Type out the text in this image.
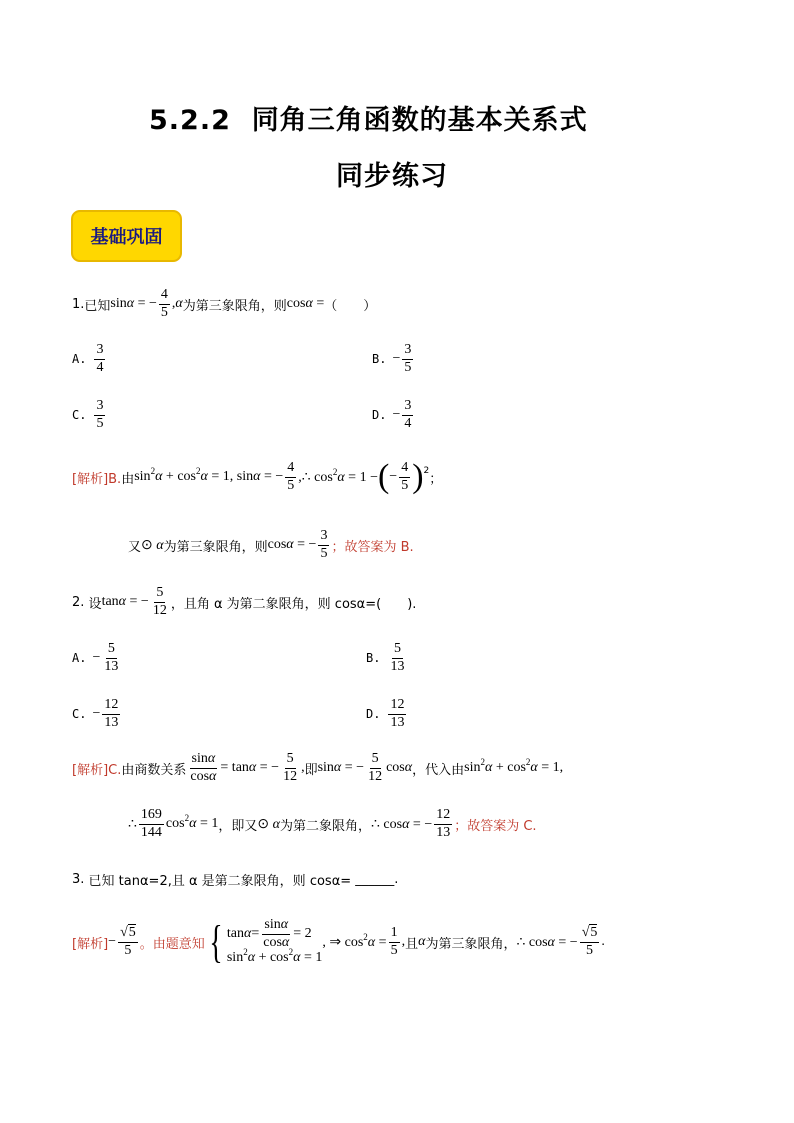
5.2.2 同角三角函数的基本关系式
同步练习
基础巩固
1. 已知 sinα = − $\frac{4}{5} ,\alpha$ 为第三象限角，则 cosα = （　　）
A. $\frac{3}{4}$	B. − $\frac{3}{5}$
C. $\frac{3}{5}$	D. − $\frac{3}{4}$
[解析]B. 由 $\sin^2\alpha + \cos^2\alpha = 1$, sinα = − $\frac{4}{5}$ ,∴ $\cos^2\alpha = 1$ − ( − $\frac{4}{5}$ ) 2
；
又 ⊙ α 为第三象限角，则 cosα = − $\frac{3}{5}$ ；故答案为 B.
2.
设 tanα = − $\frac{5}{12}$ ，且角 α 为第二象限角，则 cosα=(　　).
A. − $\frac{5}{13}$	B. $\frac{5}{13}$
C. − $\frac{12}{13}$	D. $\frac{12}{13}$
[解析]C. 由商数关系 $\frac{\sin\alpha}{\cos\alpha} = \tan\alpha$ = − $\frac{5}{12}$ , 即 sinα = − $\frac{5}{12}$ cosα ，代入由 $\sin^2\alpha + \cos^2\alpha = 1$,
∴ $\frac{169}{144} \cos^2\alpha = 1$ ，即又 ⊙ α 为第二象限角， ∴ cosα = − $\frac{12}{13}$ ；故答案为 C.
3.
已知 tanα=2,且 α 是第二象限角，则 cosα=
______ .
[解析] − $\frac{√5}{5}$ 。由题意知 { $\tan \alpha = \frac{\sin\alpha}{\cos\alpha} = 2$
$\sin^2\alpha + \cos^2\alpha = 1$
, ⇒ $\cos^2\alpha = \frac{1}{5}$ , 且 α 为第三象限角， ∴ cosα = − $\frac{√5}{5}$ .
